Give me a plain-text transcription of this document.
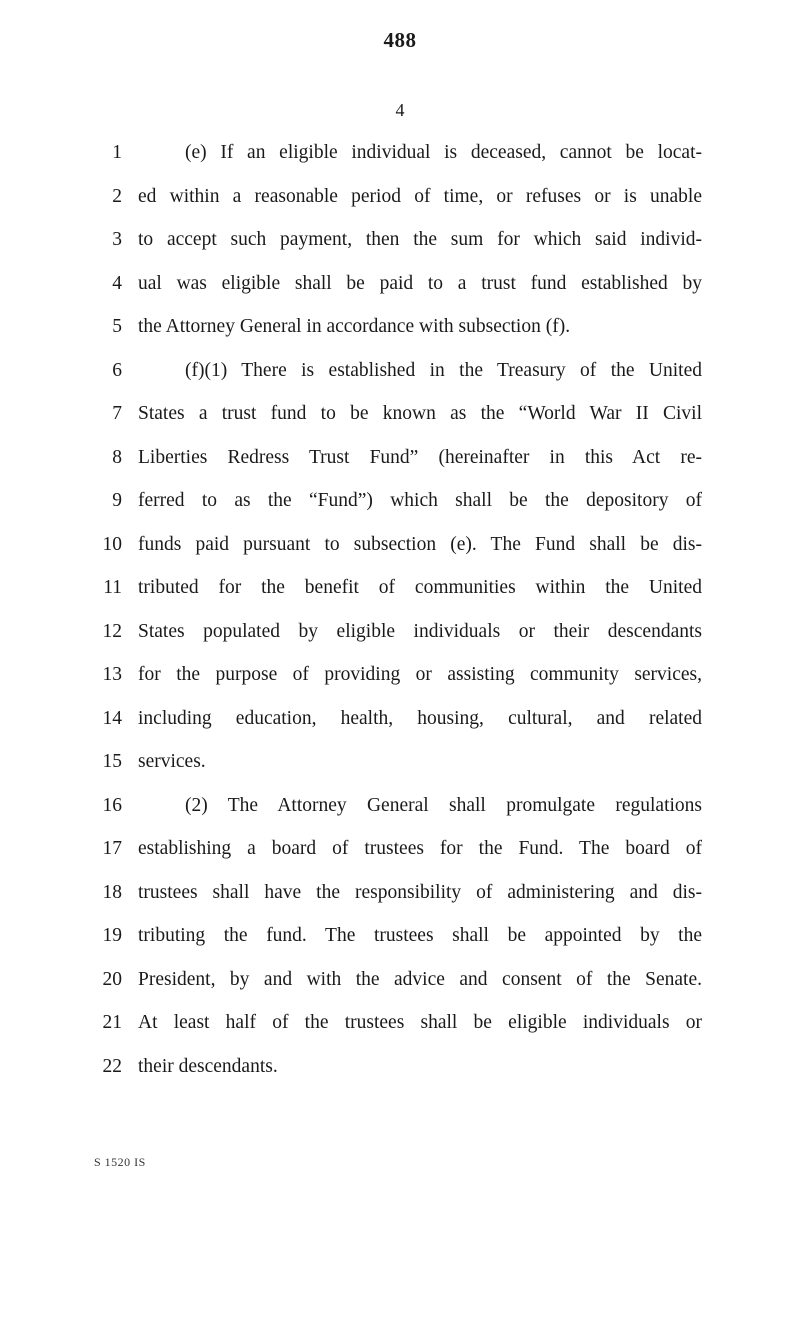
488
4
1	(e) If an eligible individual is deceased, cannot be locat-
2 ed within a reasonable period of time, or refuses or is unable
3 to accept such payment, then the sum for which said individ-
4 ual was eligible shall be paid to a trust fund established by
5 the Attorney General in accordance with subsection (f).
6	(f)(1) There is established in the Treasury of the United
7 States a trust fund to be known as the “World War II Civil
8 Liberties Redress Trust Fund” (hereinafter in this Act re-
9 ferred to as the “Fund”) which shall be the depository of
10 funds paid pursuant to subsection (e). The Fund shall be dis-
11 tributed for the benefit of communities within the United
12 States populated by eligible individuals or their descendants
13 for the purpose of providing or assisting community services,
14 including education, health, housing, cultural, and related
15 services.
16	(2) The Attorney General shall promulgate regulations
17 establishing a board of trustees for the Fund. The board of
18 trustees shall have the responsibility of administering and dis-
19 tributing the fund. The trustees shall be appointed by the
20 President, by and with the advice and consent of the Senate.
21 At least half of the trustees shall be eligible individuals or
22 their descendants.
S 1520 IS
